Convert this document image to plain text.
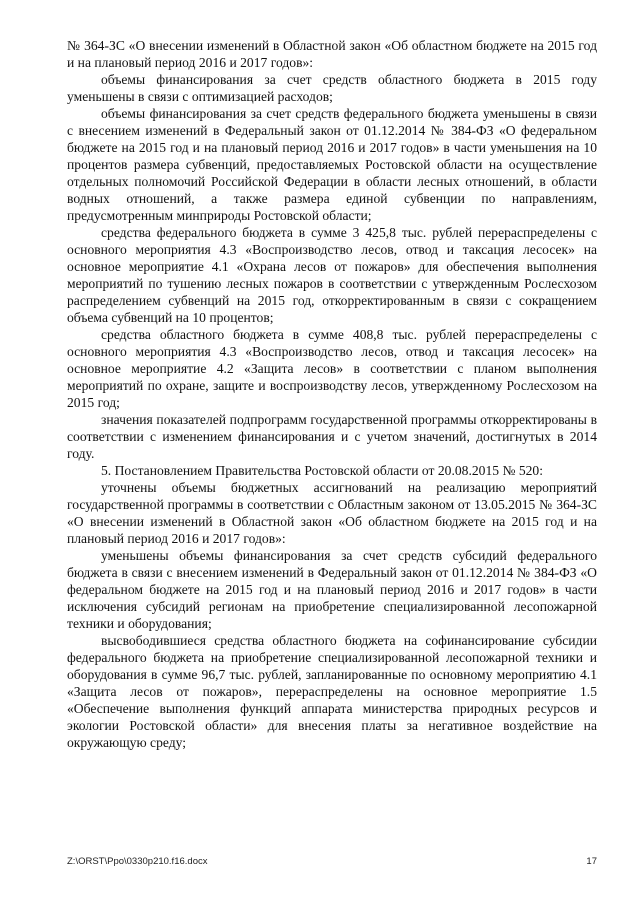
№ 364-ЗС «О внесении изменений в Областной закон «Об областном бюджете на 2015 год и на плановый период 2016 и 2017 годов»:

объемы финансирования за счет средств областного бюджета в 2015 году уменьшены в связи с оптимизацией расходов;

объемы финансирования за счет средств федерального бюджета уменьшены в связи с внесением изменений в Федеральный закон от 01.12.2014 № 384-ФЗ «О федеральном бюджете на 2015 год и на плановый период 2016 и 2017 годов» в части уменьшения на 10 процентов размера субвенций, предоставляемых Ростовской области на осуществление отдельных полномочий Российской Федерации в области лесных отношений, в области водных отношений, а также размера единой субвенции по направлениям, предусмотренным минприроды Ростовской области;

средства федерального бюджета в сумме 3 425,8 тыс. рублей перераспределены с основного мероприятия 4.3 «Воспроизводство лесов, отвод и таксация лесосек» на основное мероприятие 4.1 «Охрана лесов от пожаров» для обеспечения выполнения мероприятий по тушению лесных пожаров в соответствии с утвержденным Рослесхозом распределением субвенций на 2015 год, откорректированным в связи с сокращением объема субвенций на 10 процентов;

средства областного бюджета в сумме 408,8 тыс. рублей перераспределены с основного мероприятия 4.3 «Воспроизводство лесов, отвод и таксация лесосек» на основное мероприятие 4.2 «Защита лесов» в соответствии с планом выполнения мероприятий по охране, защите и воспроизводству лесов, утвержденному Рослесхозом на 2015 год;

значения показателей подпрограмм государственной программы откорректированы в соответствии с изменением финансирования и с учетом значений, достигнутых в 2014 году.

5. Постановлением Правительства Ростовской области от 20.08.2015 № 520:

уточнены объемы бюджетных ассигнований на реализацию мероприятий государственной программы в соответствии с Областным законом от 13.05.2015 № 364-ЗС «О внесении изменений в Областной закон «Об областном бюджете на 2015 год и на плановый период 2016 и 2017 годов»:

уменьшены объемы финансирования за счет средств субсидий федерального бюджета в связи с внесением изменений в Федеральный закон от 01.12.2014 № 384-ФЗ «О федеральном бюджете на 2015 год и на плановый период 2016 и 2017 годов» в части исключения субсидий регионам на приобретение специализированной лесопожарной техники и оборудования;

высвободившиеся средства областного бюджета на софинансирование субсидии федерального бюджета на приобретение специализированной лесопожарной техники и оборудования в сумме 96,7 тыс. рублей, запланированные по основному мероприятию 4.1 «Защита лесов от пожаров», перераспределены на основное мероприятие 1.5 «Обеспечение выполнения функций аппарата министерства природных ресурсов и экологии Ростовской области» для внесения платы за негативное воздействие на окружающую среду;

Z:\ORST\Ppo\0330p210.f16.docx	17
